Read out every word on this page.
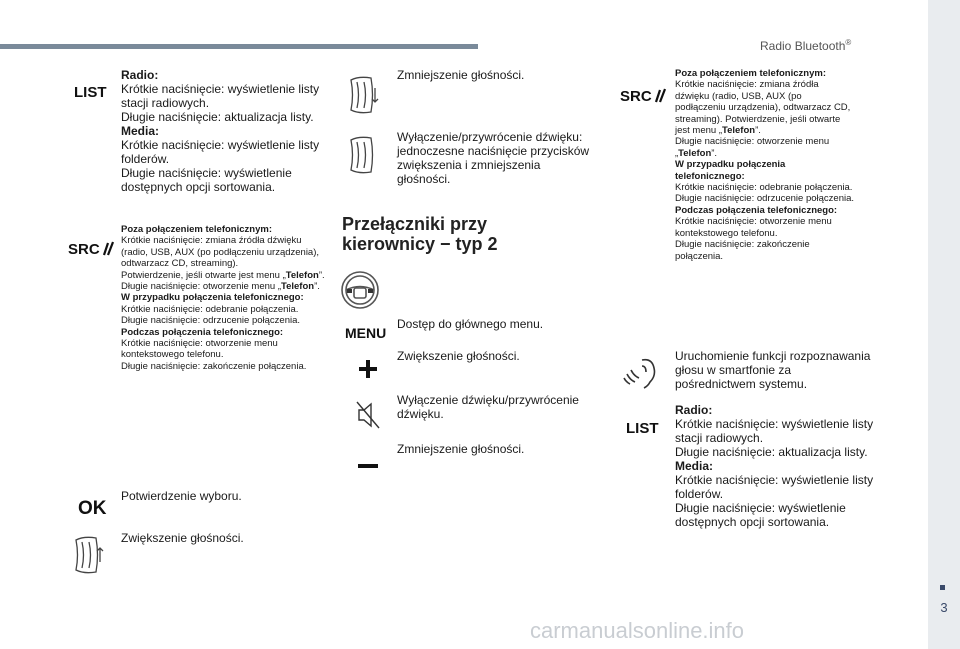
Radio Bluetooth®
3
carmanualsonline.info
LIST
Radio:
Krótkie naciśnięcie: wyświetlenie listy stacji radiowych.
Długie naciśnięcie: aktualizacja listy.
Media:
Krótkie naciśnięcie: wyświetlenie listy folderów.
Długie naciśnięcie: wyświetlenie dostępnych opcji sortowania.
SRC
Poza połączeniem telefonicznym:
Krótkie naciśnięcie: zmiana źródła dźwięku (radio, USB, AUX (po podłączeniu urządzenia), odtwarzacz CD, streaming).
Potwierdzenie, jeśli otwarte jest menu „Telefon”.
Długie naciśnięcie: otworzenie menu „Telefon”.
W przypadku połączenia telefonicznego:
Krótkie naciśnięcie: odebranie połączenia.
Długie naciśnięcie: odrzucenie połączenia.
Podczas połączenia telefonicznego:
Krótkie naciśnięcie: otworzenie menu kontekstowego telefonu.
Długie naciśnięcie: zakończenie połączenia.
OK
Potwierdzenie wyboru.
Zwiększenie głośności.
Zmniejszenie głośności.
Wyłączenie/przywrócenie dźwięku: jednoczesne naciśnięcie przycisków zwiększenia i zmniejszenia głośności.
Przełączniki przy
kierownicy − typ 2
MENU
Dostęp do głównego menu.
Zwiększenie głośności.
Wyłączenie dźwięku/przywrócenie dźwięku.
Zmniejszenie głośności.
SRC
Poza połączeniem telefonicznym:
Krótkie naciśnięcie: zmiana źródła dźwięku (radio, USB, AUX (po podłączeniu urządzenia), odtwarzacz CD, streaming). Potwierdzenie, jeśli otwarte jest menu „Telefon”.
Długie naciśnięcie: otworzenie menu „Telefon”.
W przypadku połączenia telefonicznego:
Krótkie naciśnięcie: odebranie połączenia.
Długie naciśnięcie: odrzucenie połączenia.
Podczas połączenia telefonicznego:
Krótkie naciśnięcie: otworzenie menu kontekstowego telefonu.
Długie naciśnięcie: zakończenie połączenia.
Uruchomienie funkcji rozpoznawania głosu w smartfonie za pośrednictwem systemu.
LIST
Radio:
Krótkie naciśnięcie: wyświetlenie listy stacji radiowych.
Długie naciśnięcie: aktualizacja listy.
Media:
Krótkie naciśnięcie: wyświetlenie listy folderów.
Długie naciśnięcie: wyświetlenie dostępnych opcji sortowania.
